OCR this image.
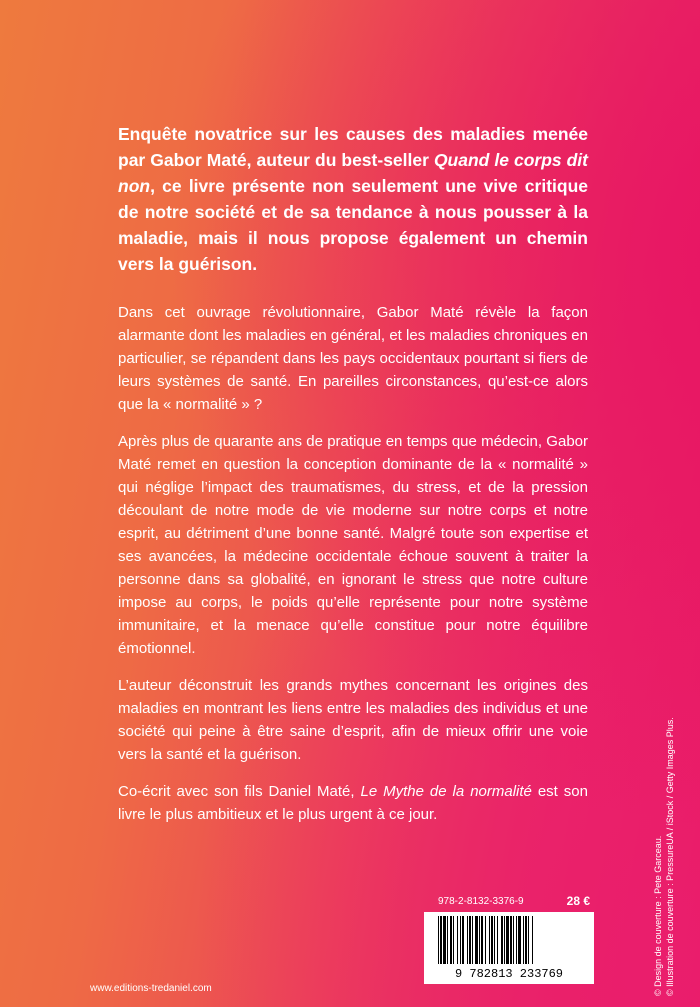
Enquête novatrice sur les causes des maladies menée par Gabor Maté, auteur du best-seller Quand le corps dit non, ce livre présente non seulement une vive critique de notre société et de sa tendance à nous pousser à la maladie, mais il nous propose également un chemin vers la guérison.

Dans cet ouvrage révolutionnaire, Gabor Maté révèle la façon alarmante dont les maladies en général, et les maladies chroniques en particulier, se répandent dans les pays occidentaux pourtant si fiers de leurs systèmes de santé. En pareilles circonstances, qu’est-ce alors que la « normalité » ?

Après plus de quarante ans de pratique en temps que médecin, Gabor Maté remet en question la conception dominante de la « normalité » qui néglige l’impact des traumatismes, du stress, et de la pression découlant de notre mode de vie moderne sur notre corps et notre esprit, au détriment d’une bonne santé. Malgré toute son expertise et ses avancées, la médecine occidentale échoue souvent à traiter la personne dans sa globalité, en ignorant le stress que notre culture impose au corps, le poids qu’elle représente pour notre système immunitaire, et la menace qu’elle constitue pour notre équilibre émotionnel.

L’auteur déconstruit les grands mythes concernant les origines des maladies en montrant les liens entre les maladies des individus et une société qui peine à être saine d’esprit, afin de mieux offrir une voie vers la santé et la guérison.

Co-écrit avec son fils Daniel Maté, Le Mythe de la normalité est son livre le plus ambitieux et le plus urgent à ce jour.

978-2-8132-3376-9	28 €
9 782813 233769
www.editions-tredaniel.com	© Design de couverture : Pete Garceau. © Illustration de couverture : PressureUA / iStock / Getty Images Plus.
